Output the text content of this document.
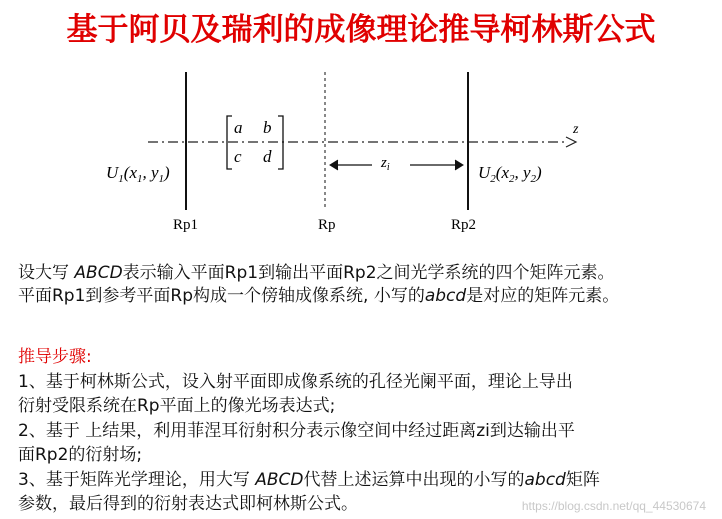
基于阿贝及瑞利的成像理论推导柯林斯公式
z
a b
c d
$U_1(x_1$, $y_1$)	$U_2(x_2$, $y_2$)
$z_i$
Rp1	Rp	Rp2
设大写 ABCD表示输入平面Rp1到输出平面Rp2之间光学系统的四个矩阵元素。
平面Rp1到参考平面Rp构成一个傍轴成像系统, 小写的abcd是对应的矩阵元素。
推导步骤:
1、基于柯林斯公式，设入射平面即成像系统的孔径光阑平面，理论上导出
衍射受限系统在Rp平面上的像光场表达式;
2、基于 上结果，利用菲涅耳衍射积分表示像空间中经过距离zi到达输出平
面Rp2的衍射场;
3、基于矩阵光学理论，用大写 ABCD代替上述运算中出现的小写的abcd矩阵
参数，最后得到的衍射表达式即柯林斯公式。	https://blog.csdn.net/qq_44530674
